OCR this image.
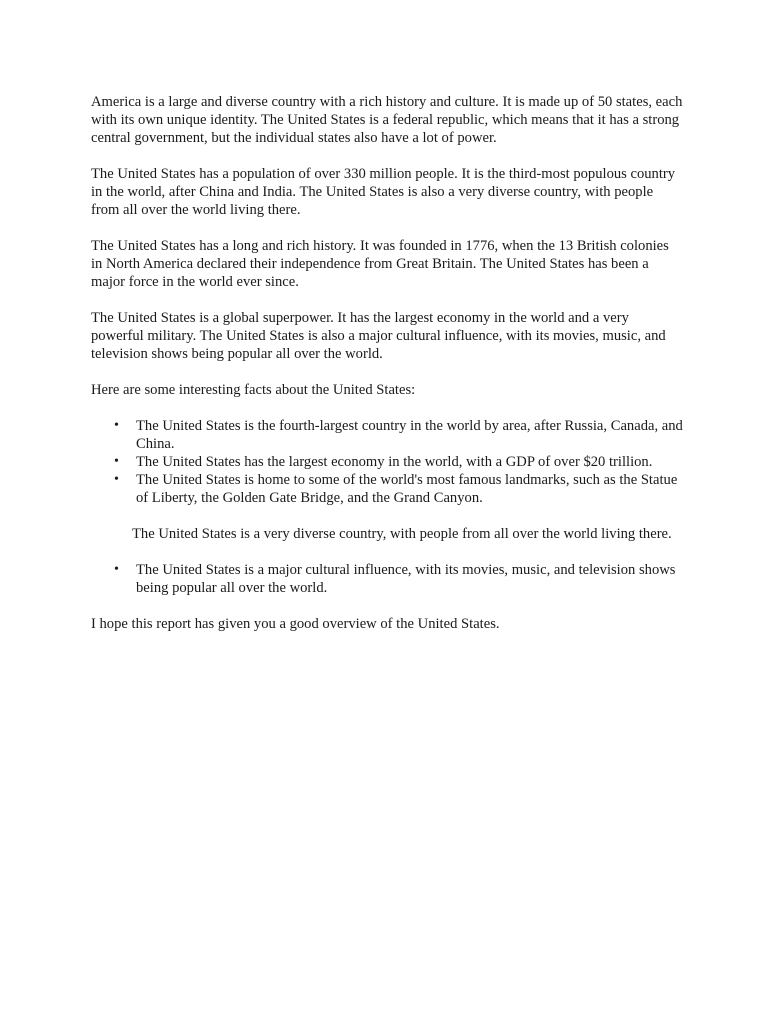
America is a large and diverse country with a rich history and culture. It is made up of 50 states, each with its own unique identity. The United States is a federal republic, which means that it has a strong central government, but the individual states also have a lot of power.

The United States has a population of over 330 million people. It is the third-most populous country in the world, after China and India. The United States is also a very diverse country, with people from all over the world living there.

The United States has a long and rich history. It was founded in 1776, when the 13 British colonies in North America declared their independence from Great Britain. The United States has been a major force in the world ever since.

The United States is a global superpower. It has the largest economy in the world and a very powerful military. The United States is also a major cultural influence, with its movies, music, and television shows being popular all over the world.

Here are some interesting facts about the United States:

• The United States is the fourth-largest country in the world by area, after Russia, Canada, and China.
• The United States has the largest economy in the world, with a GDP of over $20 trillion.
• The United States is home to some of the world's most famous landmarks, such as the Statue of Liberty, the Golden Gate Bridge, and the Grand Canyon.

The United States is a very diverse country, with people from all over the world living there.

• The United States is a major cultural influence, with its movies, music, and television shows being popular all over the world.

I hope this report has given you a good overview of the United States.
